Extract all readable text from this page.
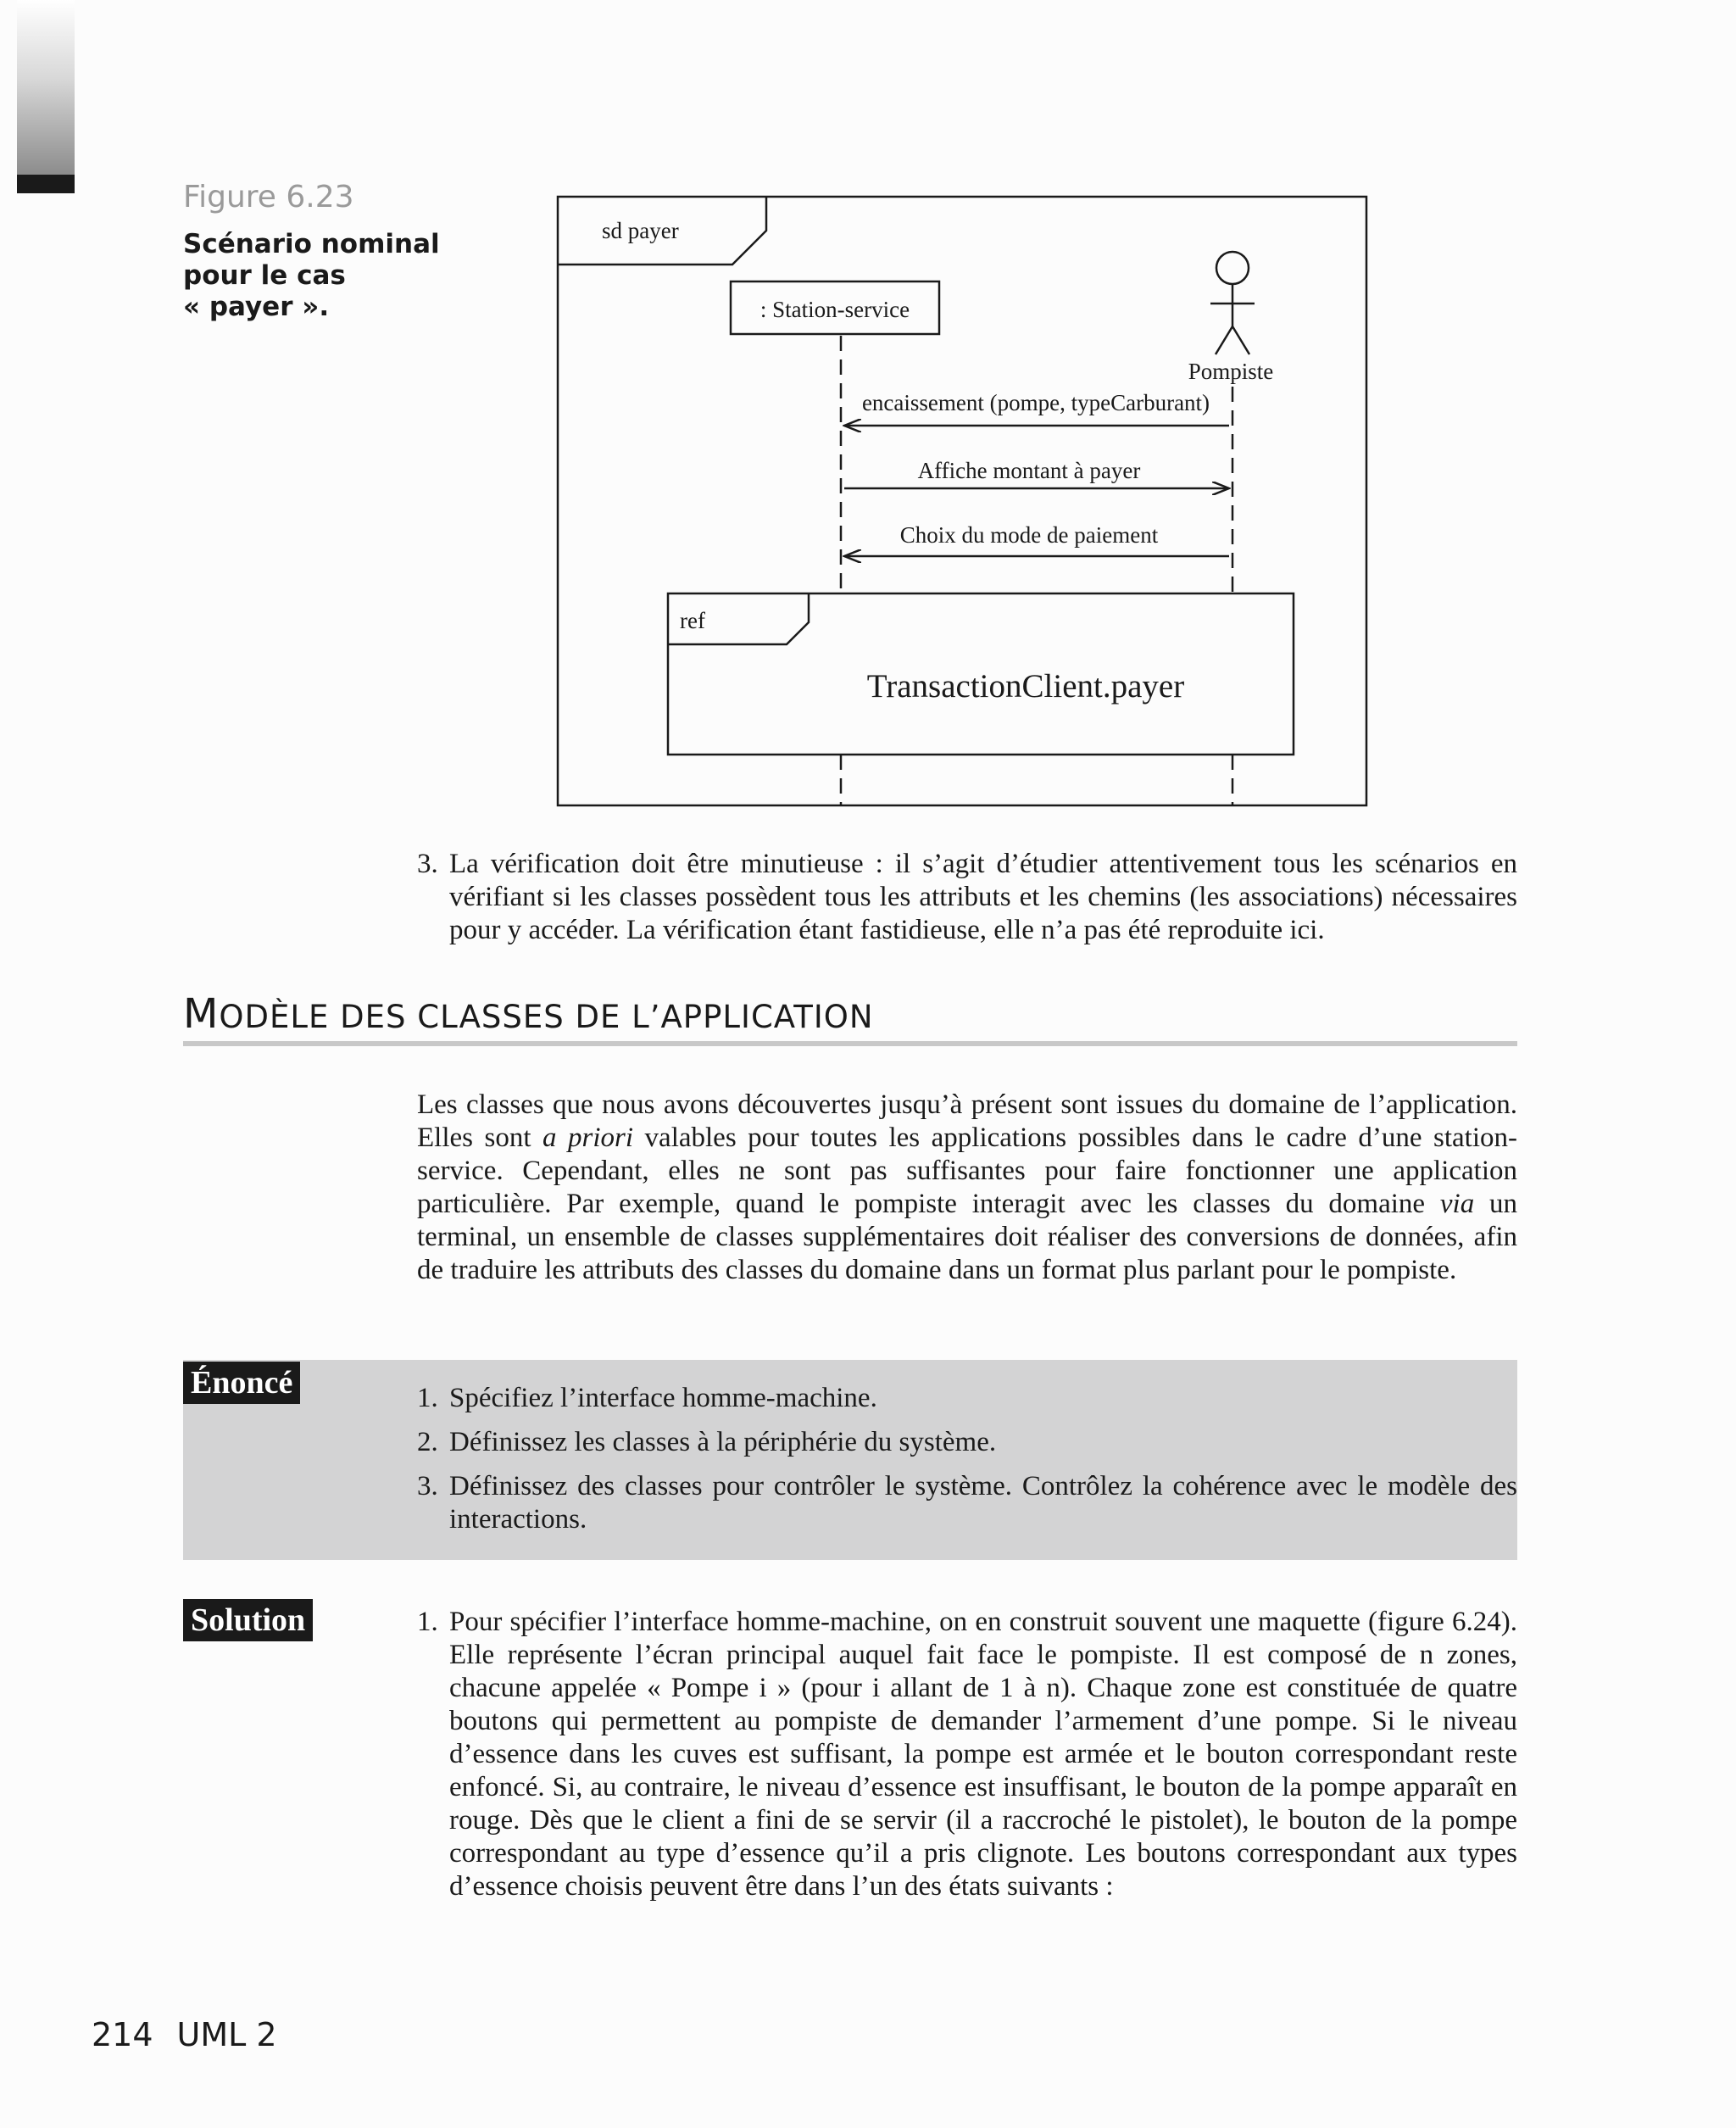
Figure 6.23
Scénario nominal
pour le cas
« payer ».
sd payer
: Station-service
Pompiste
encaissement (pompe, typeCarburant)
Affiche montant à payer
Choix du mode de paiement
ref
TransactionClient.payer
3. La vérification doit être minutieuse : il s’agit d’étudier attentivement tous les scénarios en vérifiant si les classes possèdent tous les attributs et les chemins (les associations) nécessaires pour y accéder. La vérification étant fastidieuse, elle n’a pas été reproduite ici.
MODÈLE DES CLASSES DE L’APPLICATION
Les classes que nous avons découvertes jusqu’à présent sont issues du domaine de l’application. Elles sont a priori valables pour toutes les applications possibles dans le cadre d’une station-service. Cependant, elles ne sont pas suffisantes pour faire fonctionner une application particulière. Par exemple, quand le pompiste interagit avec les classes du domaine via un terminal, un ensemble de classes supplémentaires doit réaliser des conversions de données, afin de traduire les attributs des classes du domaine dans un format plus parlant pour le pompiste.
Énoncé	1. Spécifiez l’interface homme-machine.
2. Définissez les classes à la périphérie du système.
3. Définissez des classes pour contrôler le système. Contrôlez la cohérence avec le modèle des interactions.
Solution	1. Pour spécifier l’interface homme-machine, on en construit souvent une maquette (figure 6.24). Elle représente l’écran principal auquel fait face le pompiste. Il est composé de n zones, chacune appelée « Pompe i » (pour i allant de 1 à n). Chaque zone est constituée de quatre boutons qui permettent au pompiste de demander l’armement d’une pompe. Si le niveau d’essence dans les cuves est suffisant, la pompe est armée et le bouton correspondant reste enfoncé. Si, au contraire, le niveau d’essence est insuffisant, le bouton de la pompe apparaît en rouge. Dès que le client a fini de se servir (il a raccroché le pistolet), le bouton de la pompe correspondant au type d’essence qu’il a pris clignote. Les boutons correspondant aux types d’essence choisis peuvent être dans l’un des états suivants :
214 UML 2
